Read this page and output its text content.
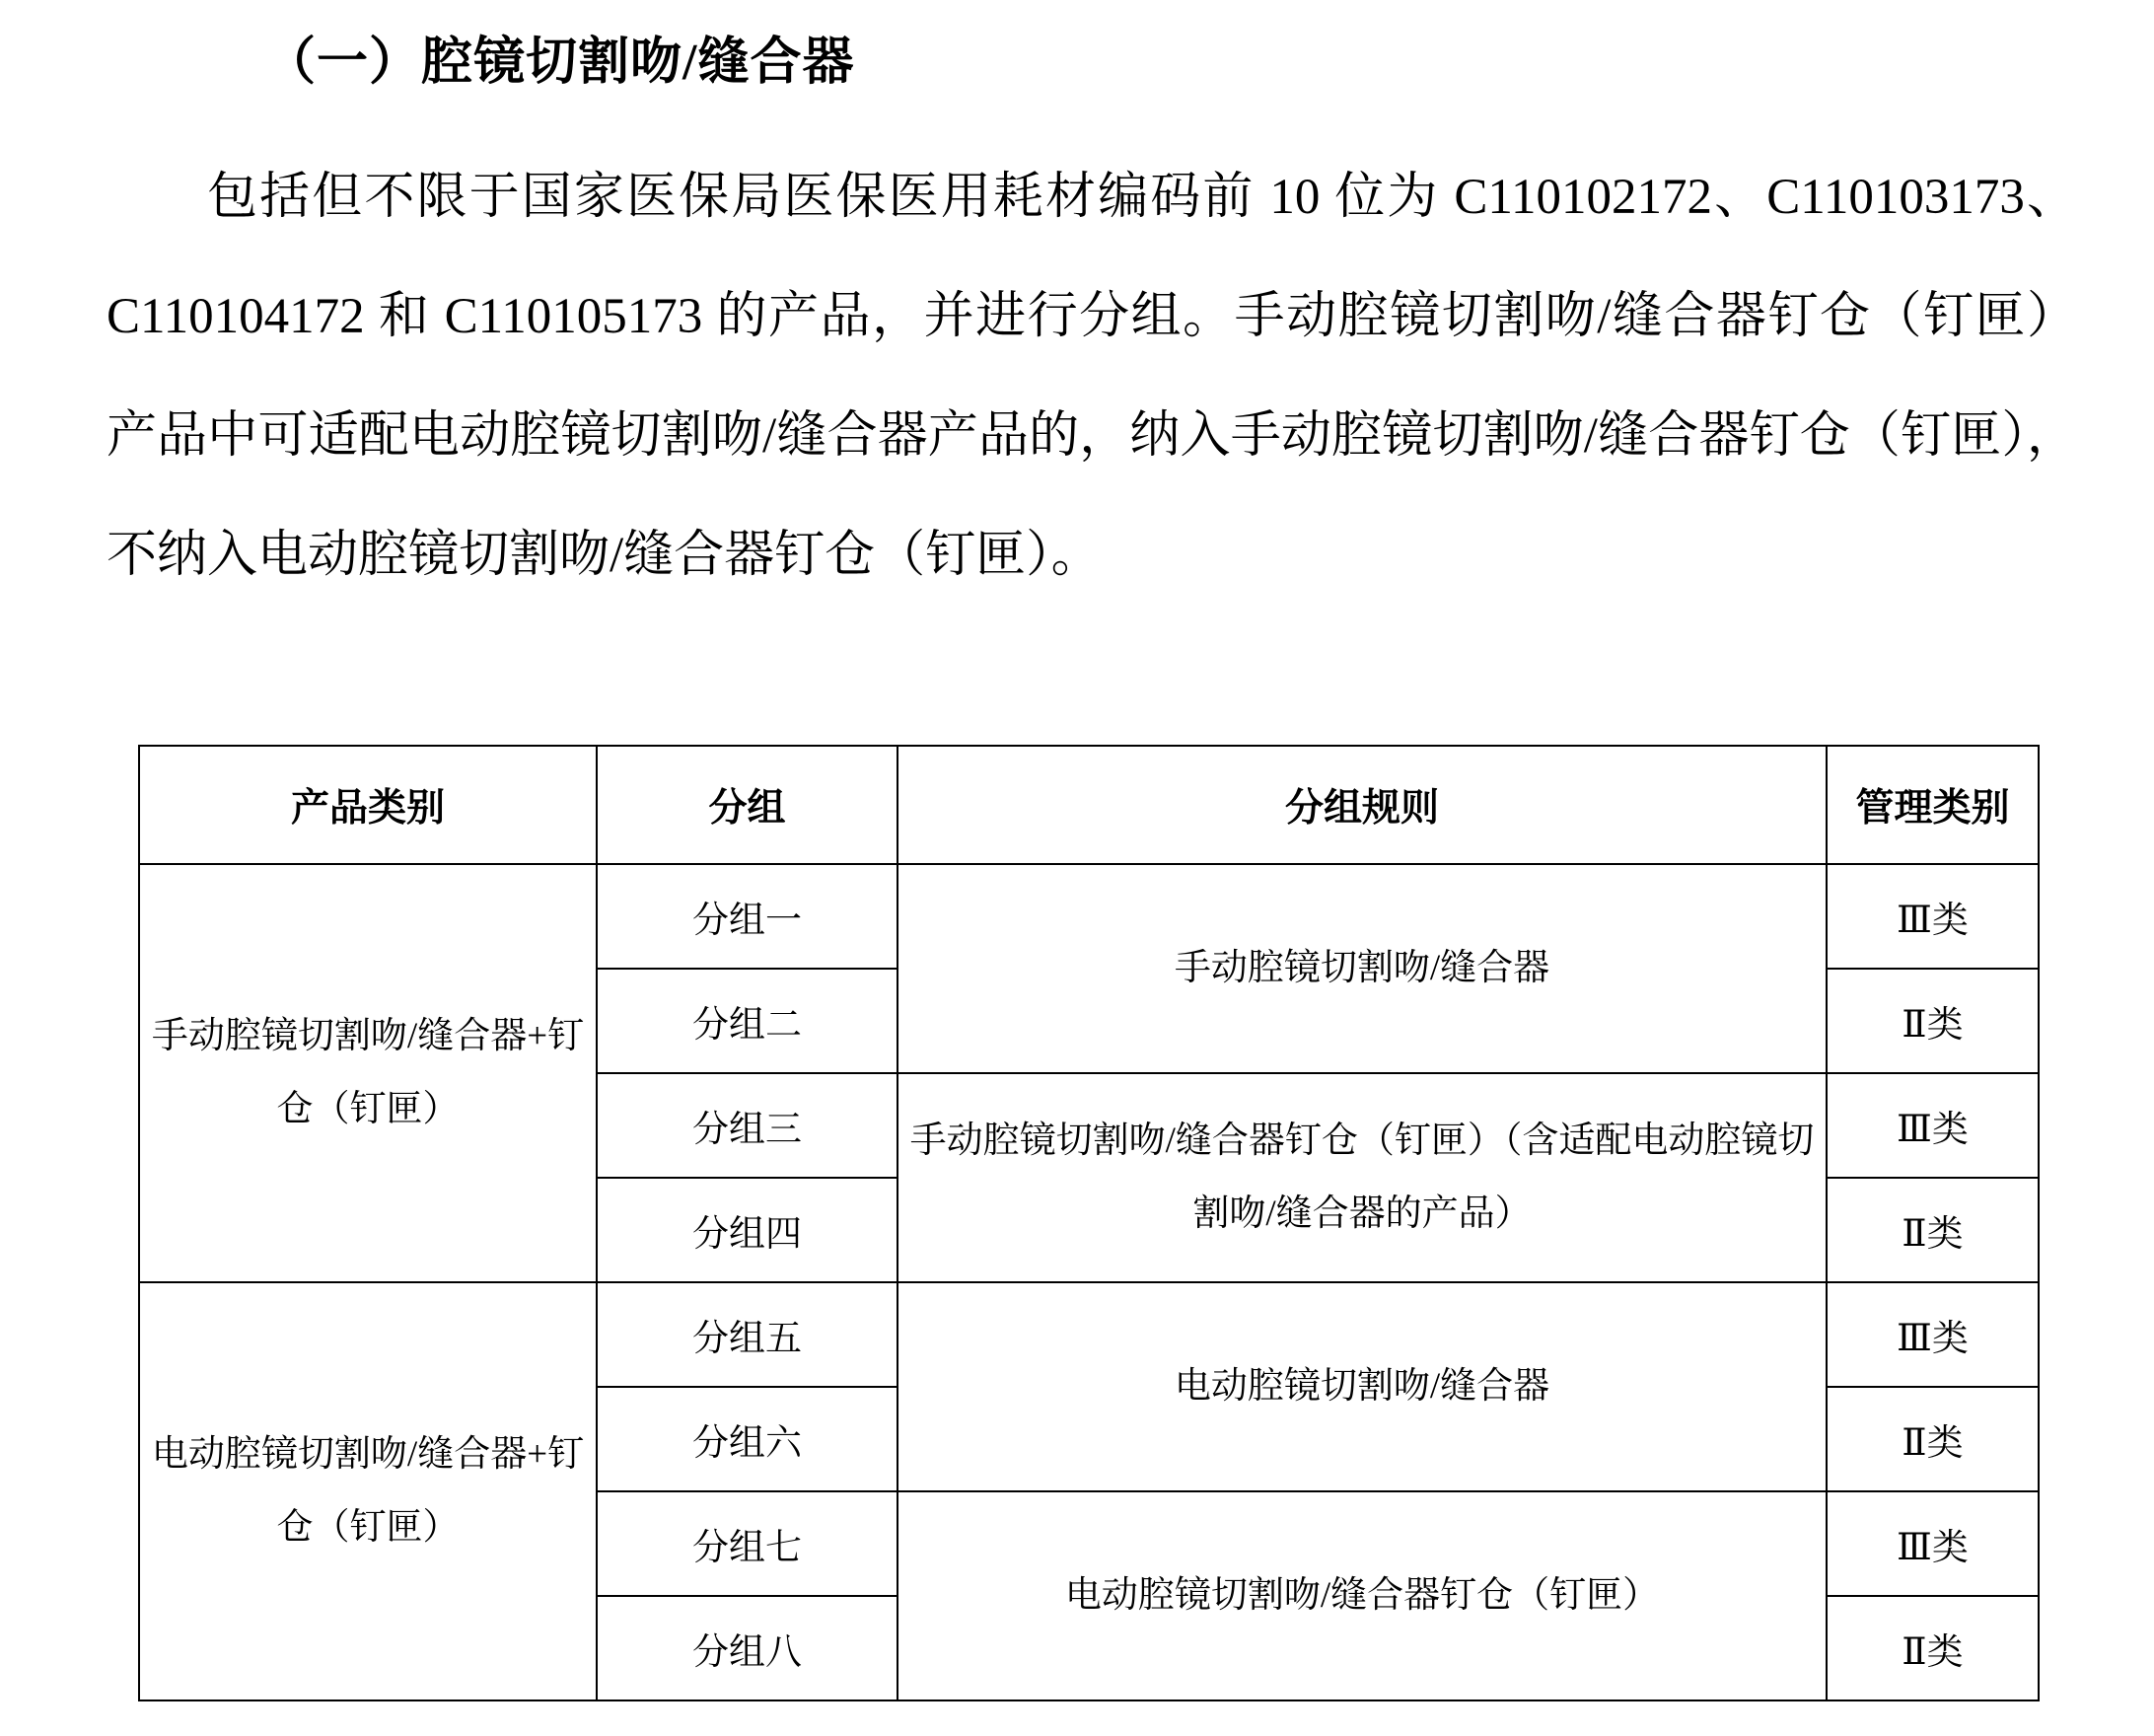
（一）腔镜切割吻/缝合器
包括但不限于国家医保局医保医用耗材编码前 10 位为 C110102172、C110103173、C110104172 和 C110105173 的产品，并进行分组。手动腔镜切割吻/缝合器钉仓（钉匣）产品中可适配电动腔镜切割吻/缝合器产品的，纳入手动腔镜切割吻/缝合器钉仓（钉匣），不纳入电动腔镜切割吻/缝合器钉仓（钉匣）。
产品类别	分组	分组规则	管理类别
手动腔镜切割吻/缝合器+钉仓（钉匣）	分组一	手动腔镜切割吻/缝合器	Ⅲ类
	分组二		Ⅱ类
	分组三	手动腔镜切割吻/缝合器钉仓（钉匣）（含适配电动腔镜切割吻/缝合器的产品）	Ⅲ类
	分组四		Ⅱ类
电动腔镜切割吻/缝合器+钉仓（钉匣）	分组五	电动腔镜切割吻/缝合器	Ⅲ类
	分组六		Ⅱ类
	分组七	电动腔镜切割吻/缝合器钉仓（钉匣）	Ⅲ类
	分组八		Ⅱ类
